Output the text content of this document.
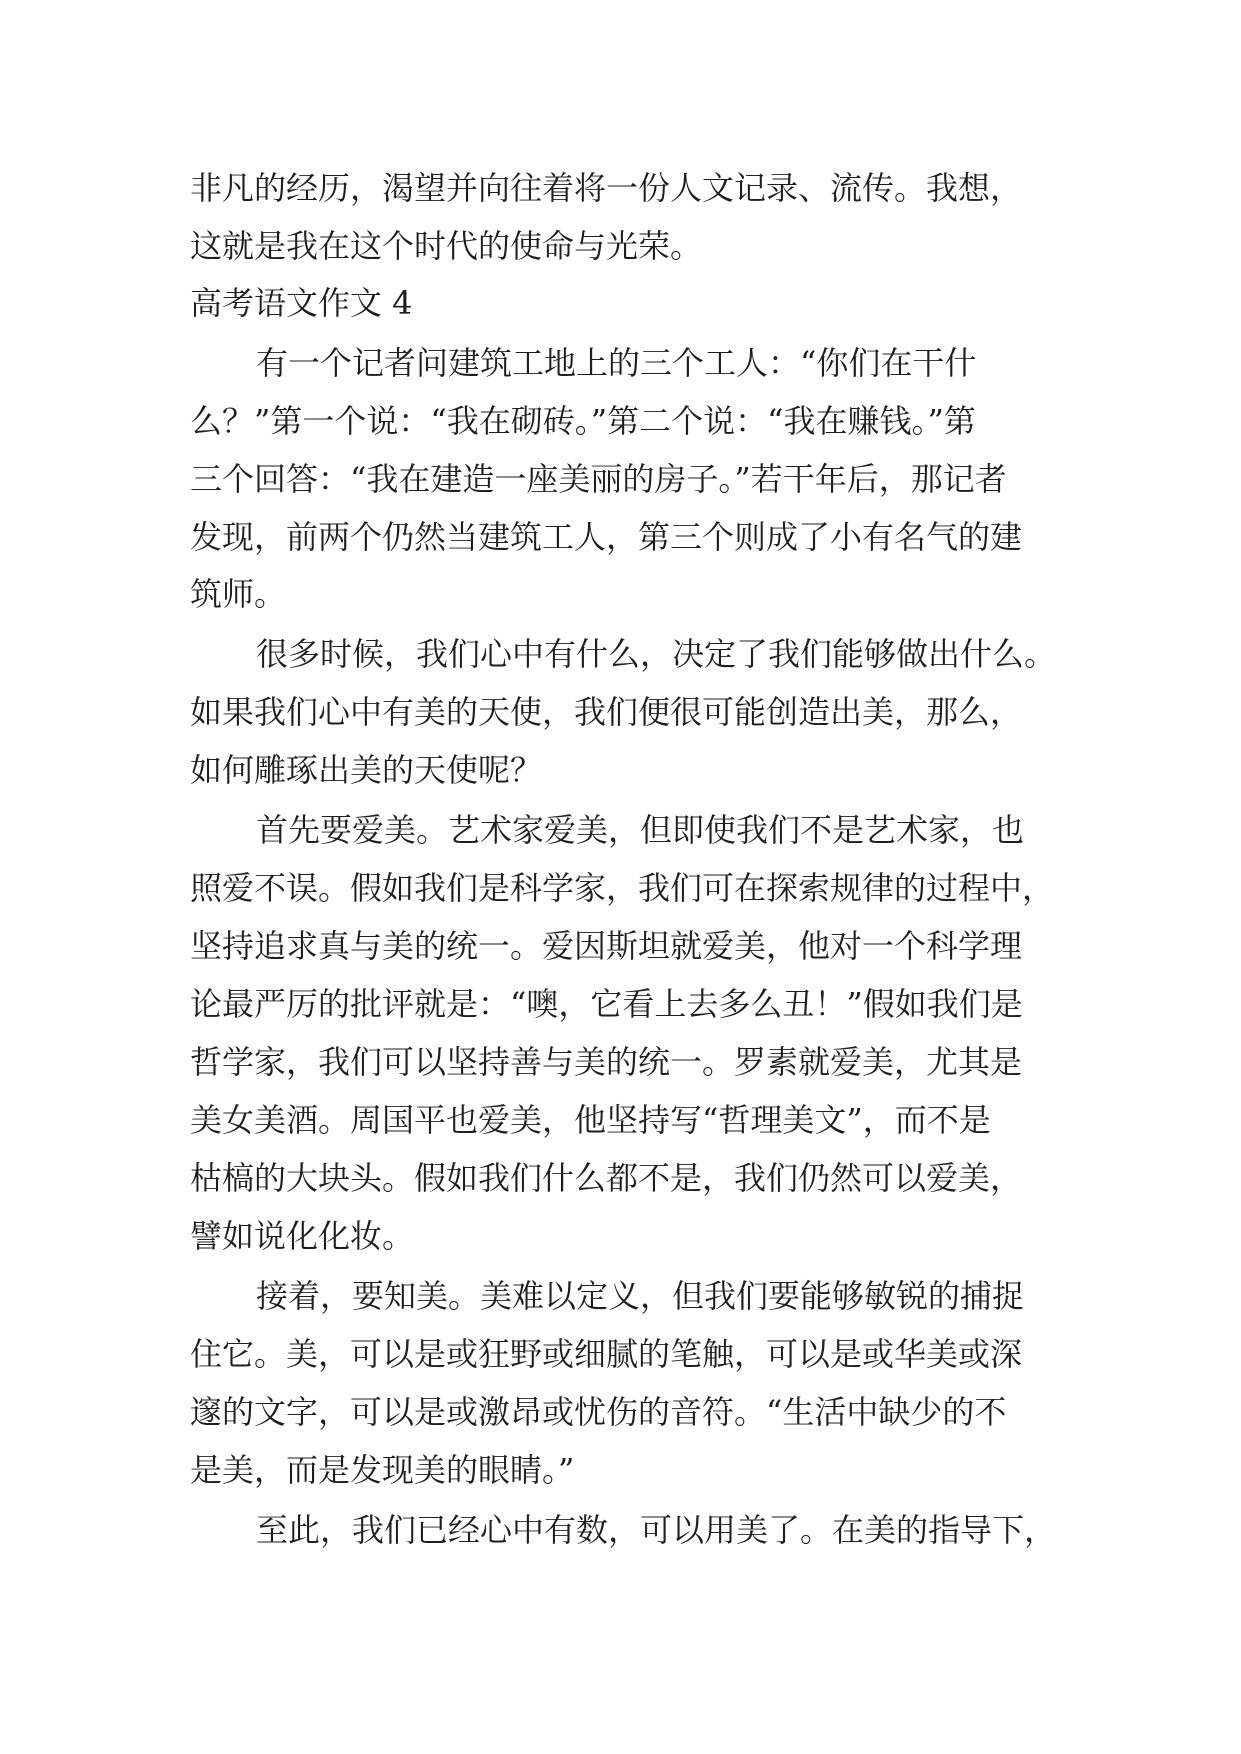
非凡的经历，渴望并向往着将一份人文记录、流传。我想，

这就是我在这个时代的使命与光荣。

高考语文作文 4

有一个记者问建筑工地上的三个工人：“你们在干什

么？”第一个说：“我在砌砖。”第二个说：“我在赚钱。”第

三个回答：“我在建造一座美丽的房子。”若干年后，那记者

发现，前两个仍然当建筑工人，第三个则成了小有名气的建

筑师。

很多时候，我们心中有什么，决定了我们能够做出什么。

如果我们心中有美的天使，我们便很可能创造出美，那么，

如何雕琢出美的天使呢？

首先要爱美。艺术家爱美，但即使我们不是艺术家，也

照爱不误。假如我们是科学家，我们可在探索规律的过程中，

坚持追求真与美的统一。爱因斯坦就爱美，他对一个科学理

论最严厉的批评就是：“噢，它看上去多么丑！”假如我们是

哲学家，我们可以坚持善与美的统一。罗素就爱美，尤其是

美女美酒。周国平也爱美，他坚持写“哲理美文”，而不是

枯槁的大块头。假如我们什么都不是，我们仍然可以爱美，

譬如说化化妆。

接着，要知美。美难以定义，但我们要能够敏锐的捕捉

住它。美，可以是或狂野或细腻的笔触，可以是或华美或深

邃的文字，可以是或激昂或忧伤的音符。“生活中缺少的不

是美，而是发现美的眼睛。”

至此，我们已经心中有数，可以用美了。在美的指导下，
